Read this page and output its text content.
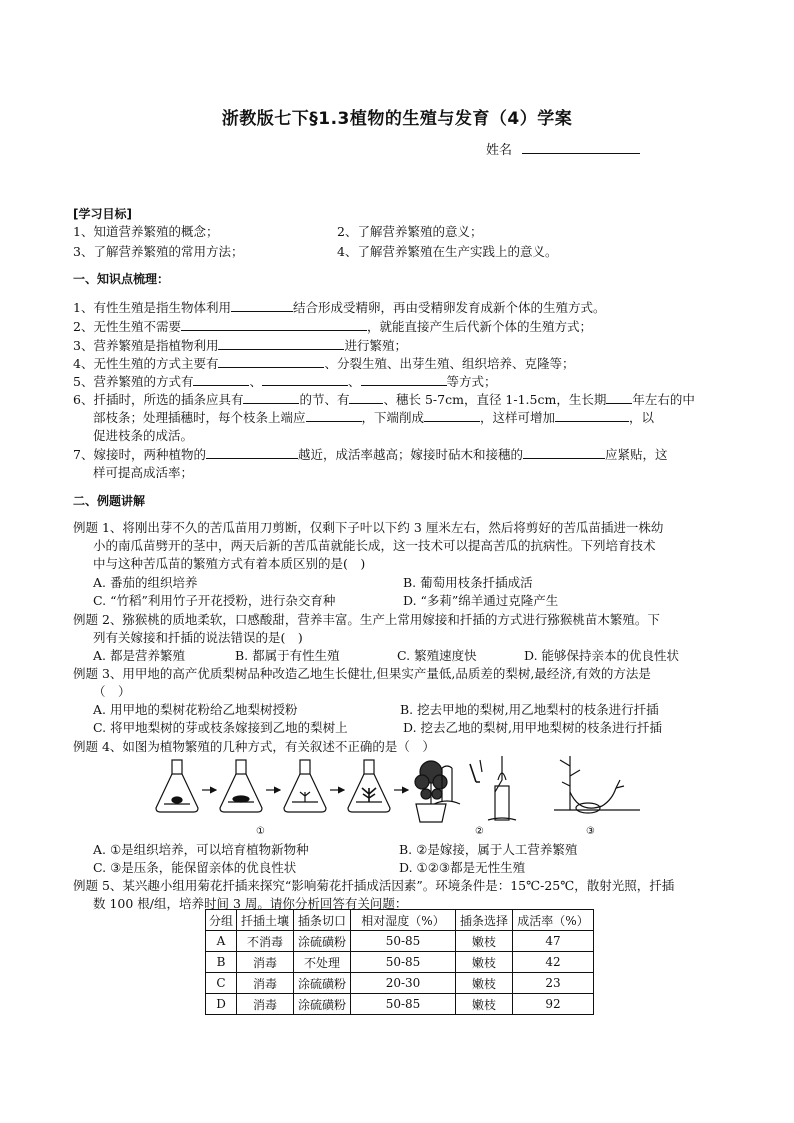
浙教版七下§1.3植物的生殖与发育（4）学案
姓名
[学习目标]
1、知道营养繁殖的概念；	2、了解营养繁殖的意义；
3、了解营养繁殖的常用方法；	4、了解营养繁殖在生产实践上的意义。
一、知识点梳理：
1、有性生殖是指生物体利用	结合形成受精卵，再由受精卵发育成新个体的生殖方式。
2、无性生殖不需要	，就能直接产生后代新个体的生殖方式；
3、营养繁殖是指植物利用	进行繁殖；
4、无性生殖的方式主要有	、分裂生殖、出芽生殖、组织培养、克隆等；
5、营养繁殖的方式有	、	、	等方式；
6、扦插时，所选的插条应具有	的节、有	、穗长 5-7cm，直径 1-1.5cm，生长期 年左右的中
部枝条；处理插穗时，每个枝条上端应	，下端削成	，这样可增加	，以
促进枝条的成活。
7、嫁接时，两种植物的	越近，成活率越高；嫁接时砧木和接穗的	应紧贴，这
样可提高成活率；
二、例题讲解
例题 1、将刚出芽不久的苦瓜苗用刀剪断，仅剩下子叶以下约 3 厘米左右，然后将剪好的苦瓜苗插进一株幼
小的南瓜苗劈开的茎中，两天后新的苦瓜苗就能长成，这一技术可以提高苦瓜的抗病性。下列培育技术
中与这种苦瓜苗的繁殖方式有着本质区别的是(　)
A. 番茄的组织培养	B. 葡萄用枝条扦插成活
C. “竹稻”利用竹子开花授粉，进行杂交育种	D. “多莉”绵羊通过克隆产生
例题 2、猕猴桃的质地柔软，口感酸甜，营养丰富。生产上常用嫁接和扦插的方式进行猕猴桃苗木繁殖。下
列有关嫁接和扦插的说法错误的是(　)
A. 都是营养繁殖	B. 都属于有性生殖	C. 繁殖速度快	D. 能够保持亲本的优良性状
例题 3、用甲地的高产优质梨树品种改造乙地生长健壮,但果实产量低,品质差的梨树,最经济,有效的方法是
（　）
A. 用甲地的梨树花粉给乙地梨树授粉	B. 挖去甲地的梨树,用乙地梨村的枝条进行扦插
C. 将甲地梨树的芽或枝条嫁接到乙地的梨树上	D. 挖去乙地的梨树,用甲地梨树的枝条进行扦插
例题 4、如图为植物繁殖的几种方式，有关叙述不正确的是（　）
①	②	③
A. ①是组织培养，可以培育植物新物种	B. ②是嫁接，属于人工营养繁殖
C. ③是压条，能保留亲体的优良性状	D. ①②③都是无性生殖
例题 5、某兴趣小组用菊花扦插来探究“影响菊花扦插成活因素”。环境条件是：15℃-25℃，散射光照，扦插
数 100 根/组，培养时间 3 周。请你分析回答有关问题：
分组	扦插土壤	插条切口	相对湿度（%）	插条选择	成活率（%）
A	不消毒	涂硫磺粉	50-85	嫩枝	47
B	消毒	不处理	50-85	嫩枝	42
C	消毒	涂硫磺粉	20-30	嫩枝	23
D	消毒	涂硫磺粉	50-85	嫩枝	92
